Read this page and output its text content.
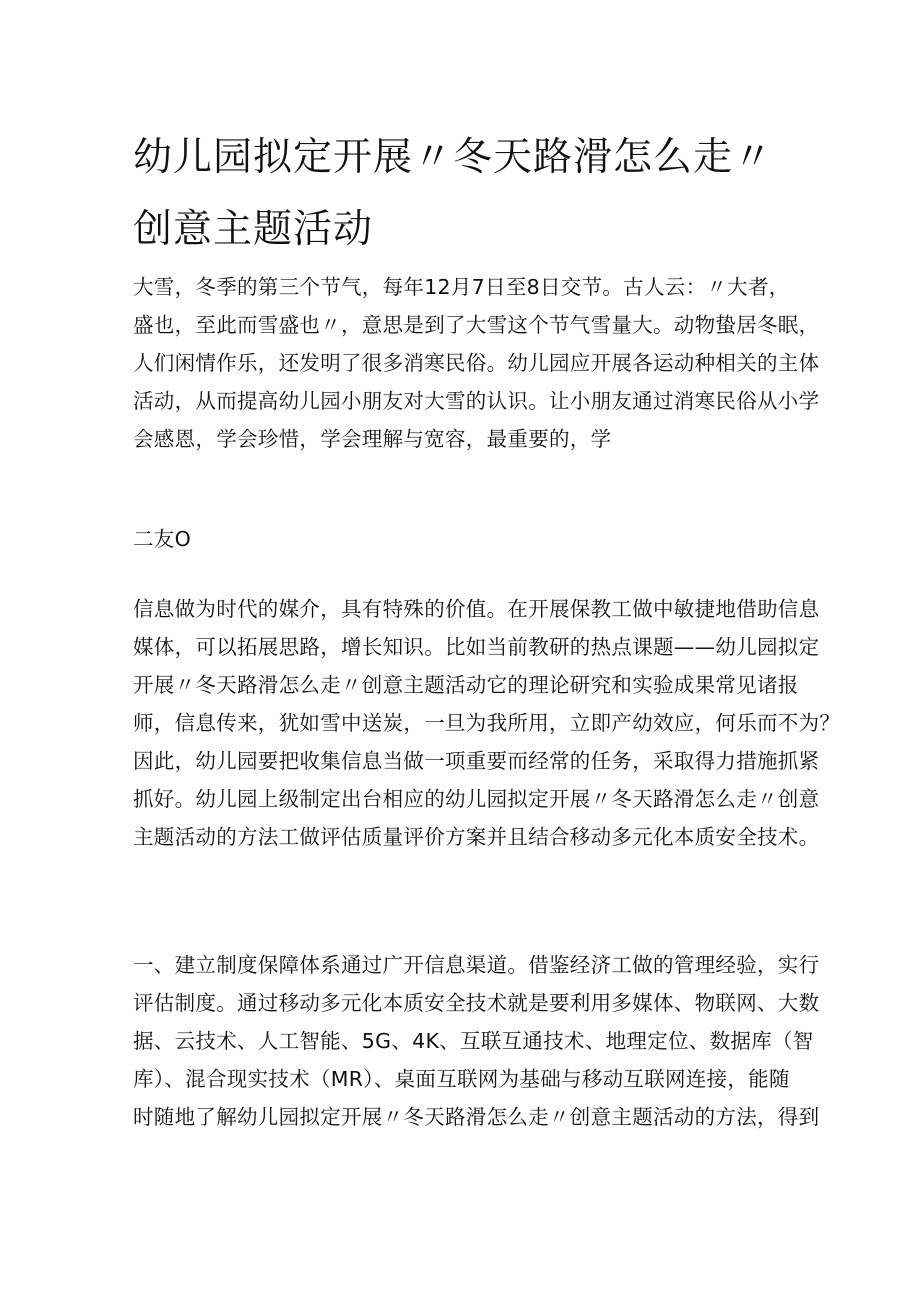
幼儿园拟定开展〃冬天路滑怎么走〃
创意主题活动
大雪，冬季的第三个节气，每年12月7日至8日交节。古人云：〃大者，
盛也，至此而雪盛也〃，意思是到了大雪这个节气雪量大。动物蛰居冬眠，
人们闲情作乐，还发明了很多消寒民俗。幼儿园应开展各运动种相关的主体
活动，从而提高幼儿园小朋友对大雪的认识。让小朋友通过消寒民俗从小学
会感恩，学会珍惜，学会理解与宽容，最重要的，学
二友O
信息做为时代的媒介，具有特殊的价值。在开展保教工做中敏捷地借助信息
媒体，可以拓展思路，增长知识。比如当前教研的热点课题——幼儿园拟定
开展〃冬天路滑怎么走〃创意主题活动它的理论研究和实验成果常见诸报
师，信息传来，犹如雪中送炭，一旦为我所用，立即产幼效应，何乐而不为？
因此，幼儿园要把收集信息当做一项重要而经常的任务，采取得力措施抓紧
抓好。幼儿园上级制定出台相应的幼儿园拟定开展〃冬天路滑怎么走〃创意
主题活动的方法工做评估质量评价方案并且结合移动多元化本质安全技术。
一、建立制度保障体系通过广开信息渠道。借鉴经济工做的管理经验，实行
评估制度。通过移动多元化本质安全技术就是要利用多媒体、物联网、大数
据、云技术、人工智能、5G、4K、互联互通技术、地理定位、数据库（智
库）、混合现实技术（MR）、桌面互联网为基础与移动互联网连接，能随
时随地了解幼儿园拟定开展〃冬天路滑怎么走〃创意主题活动的方法，得到
